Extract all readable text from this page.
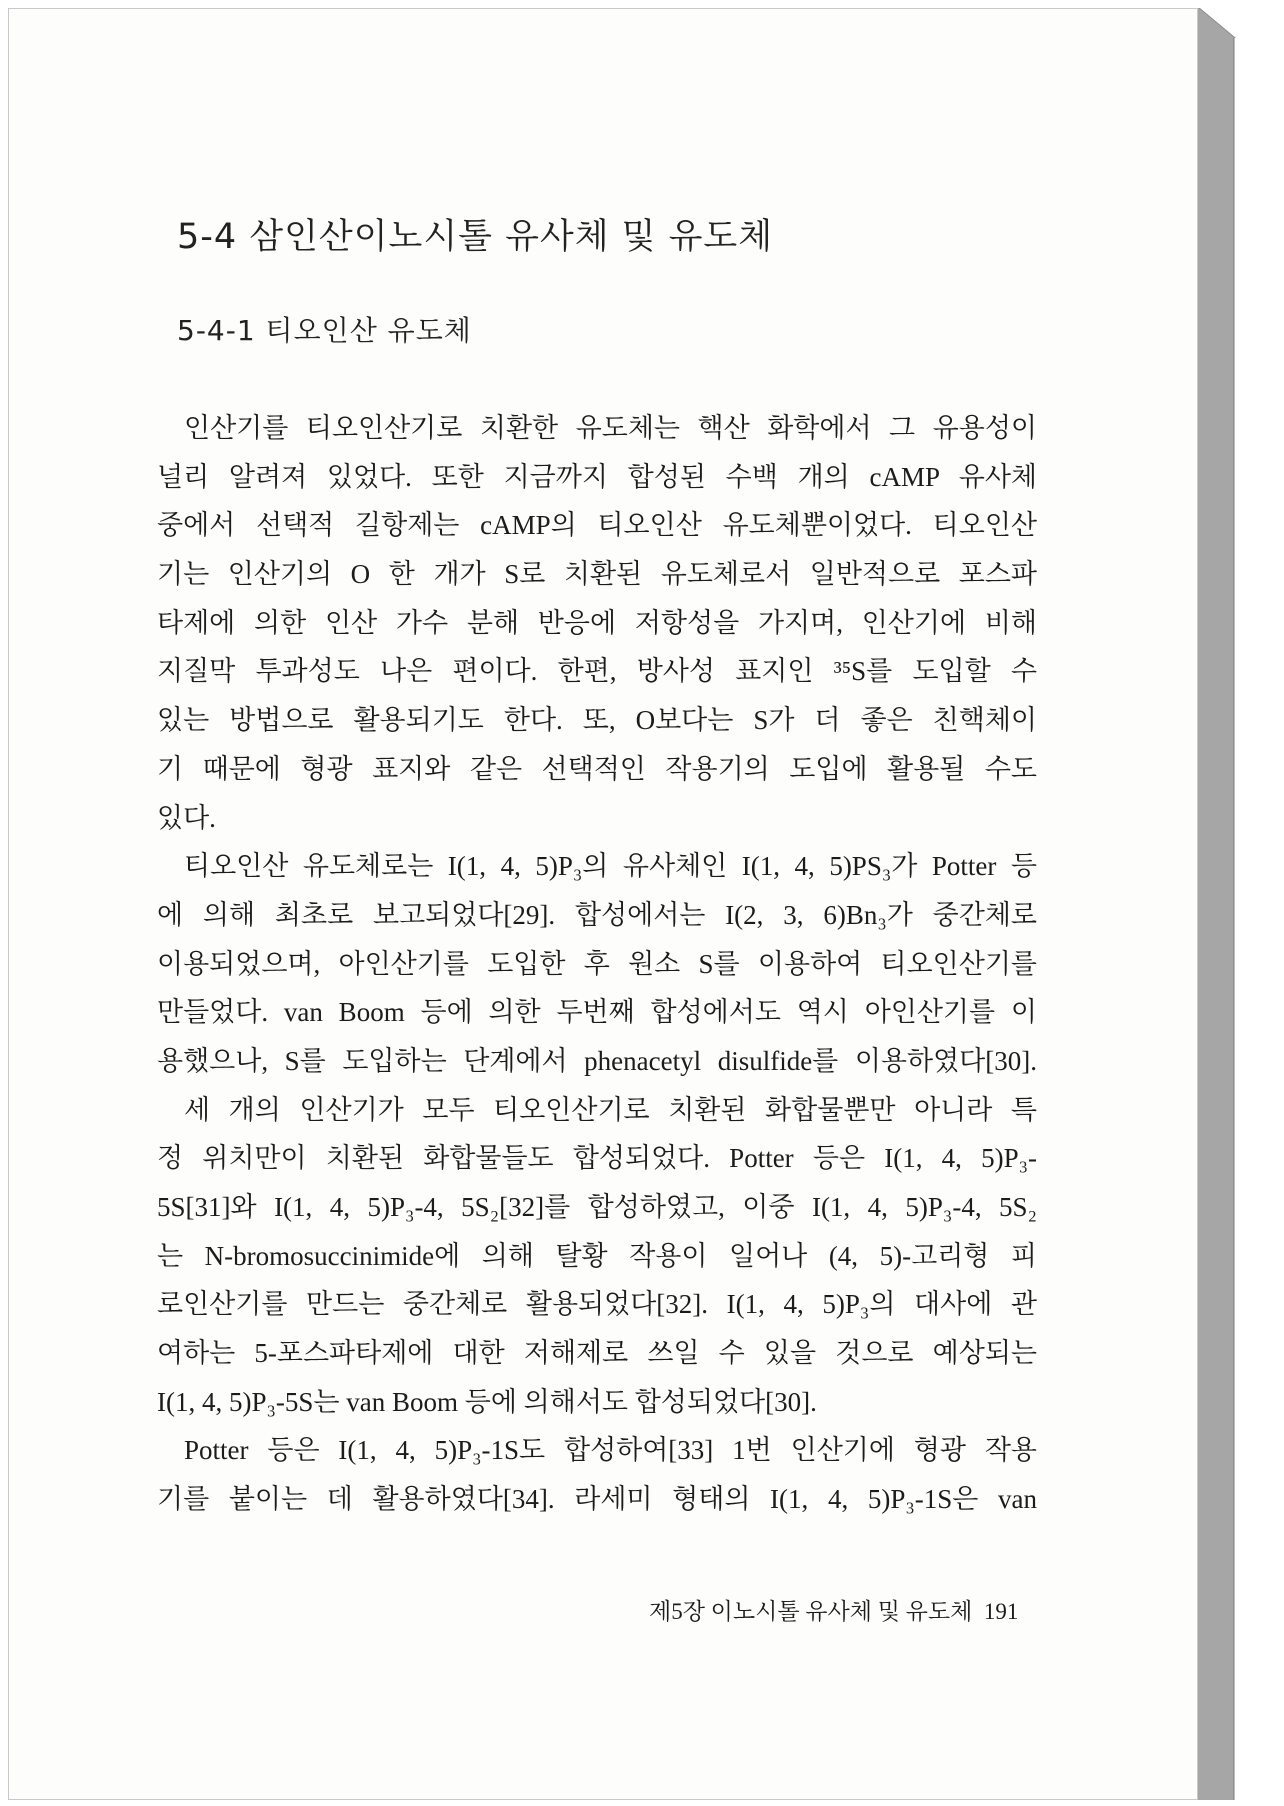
5-4 삼인산이노시톨 유사체 및 유도체
5-4-1 티오인산 유도체
인산기를 티오인산기로 치환한 유도체는 핵산 화학에서 그 유용성이
널리 알려져 있었다. 또한 지금까지 합성된 수백 개의 cAMP 유사체
중에서 선택적 길항제는 cAMP의 티오인산 유도체뿐이었다. 티오인산
기는 인산기의 O 한 개가 S로 치환된 유도체로서 일반적으로 포스파
타제에 의한 인산 가수 분해 반응에 저항성을 가지며, 인산기에 비해
지질막 투과성도 나은 편이다. 한편, 방사성 표지인 ³⁵S를 도입할 수
있는 방법으로 활용되기도 한다. 또, O보다는 S가 더 좋은 친핵체이
기 때문에 형광 표지와 같은 선택적인 작용기의 도입에 활용될 수도
있다.
티오인산 유도체로는 I(1, 4, 5)P₃의 유사체인 I(1, 4, 5)PS₃가 Potter 등
에 의해 최초로 보고되었다[29]. 합성에서는 I(2, 3, 6)Bn₃가 중간체로
이용되었으며, 아인산기를 도입한 후 원소 S를 이용하여 티오인산기를
만들었다. van Boom 등에 의한 두번째 합성에서도 역시 아인산기를 이
용했으나, S를 도입하는 단계에서 phenacetyl disulfide를 이용하였다[30].
세 개의 인산기가 모두 티오인산기로 치환된 화합물뿐만 아니라 특
정 위치만이 치환된 화합물들도 합성되었다. Potter 등은 I(1, 4, 5)P₃-
5S[31]와 I(1, 4, 5)P₃-4, 5S₂[32]를 합성하였고, 이중 I(1, 4, 5)P₃-4, 5S₂
는 N-bromosuccinimide에 의해 탈황 작용이 일어나 (4, 5)-고리형 피
로인산기를 만드는 중간체로 활용되었다[32]. I(1, 4, 5)P₃의 대사에 관
여하는 5-포스파타제에 대한 저해제로 쓰일 수 있을 것으로 예상되는
I(1, 4, 5)P₃-5S는 van Boom 등에 의해서도 합성되었다[30].
Potter 등은 I(1, 4, 5)P₃-1S도 합성하여[33] 1번 인산기에 형광 작용
기를 붙이는 데 활용하였다[34]. 라세미 형태의 I(1, 4, 5)P₃-1S은 van
제5장 이노시톨 유사체 및 유도체 191
